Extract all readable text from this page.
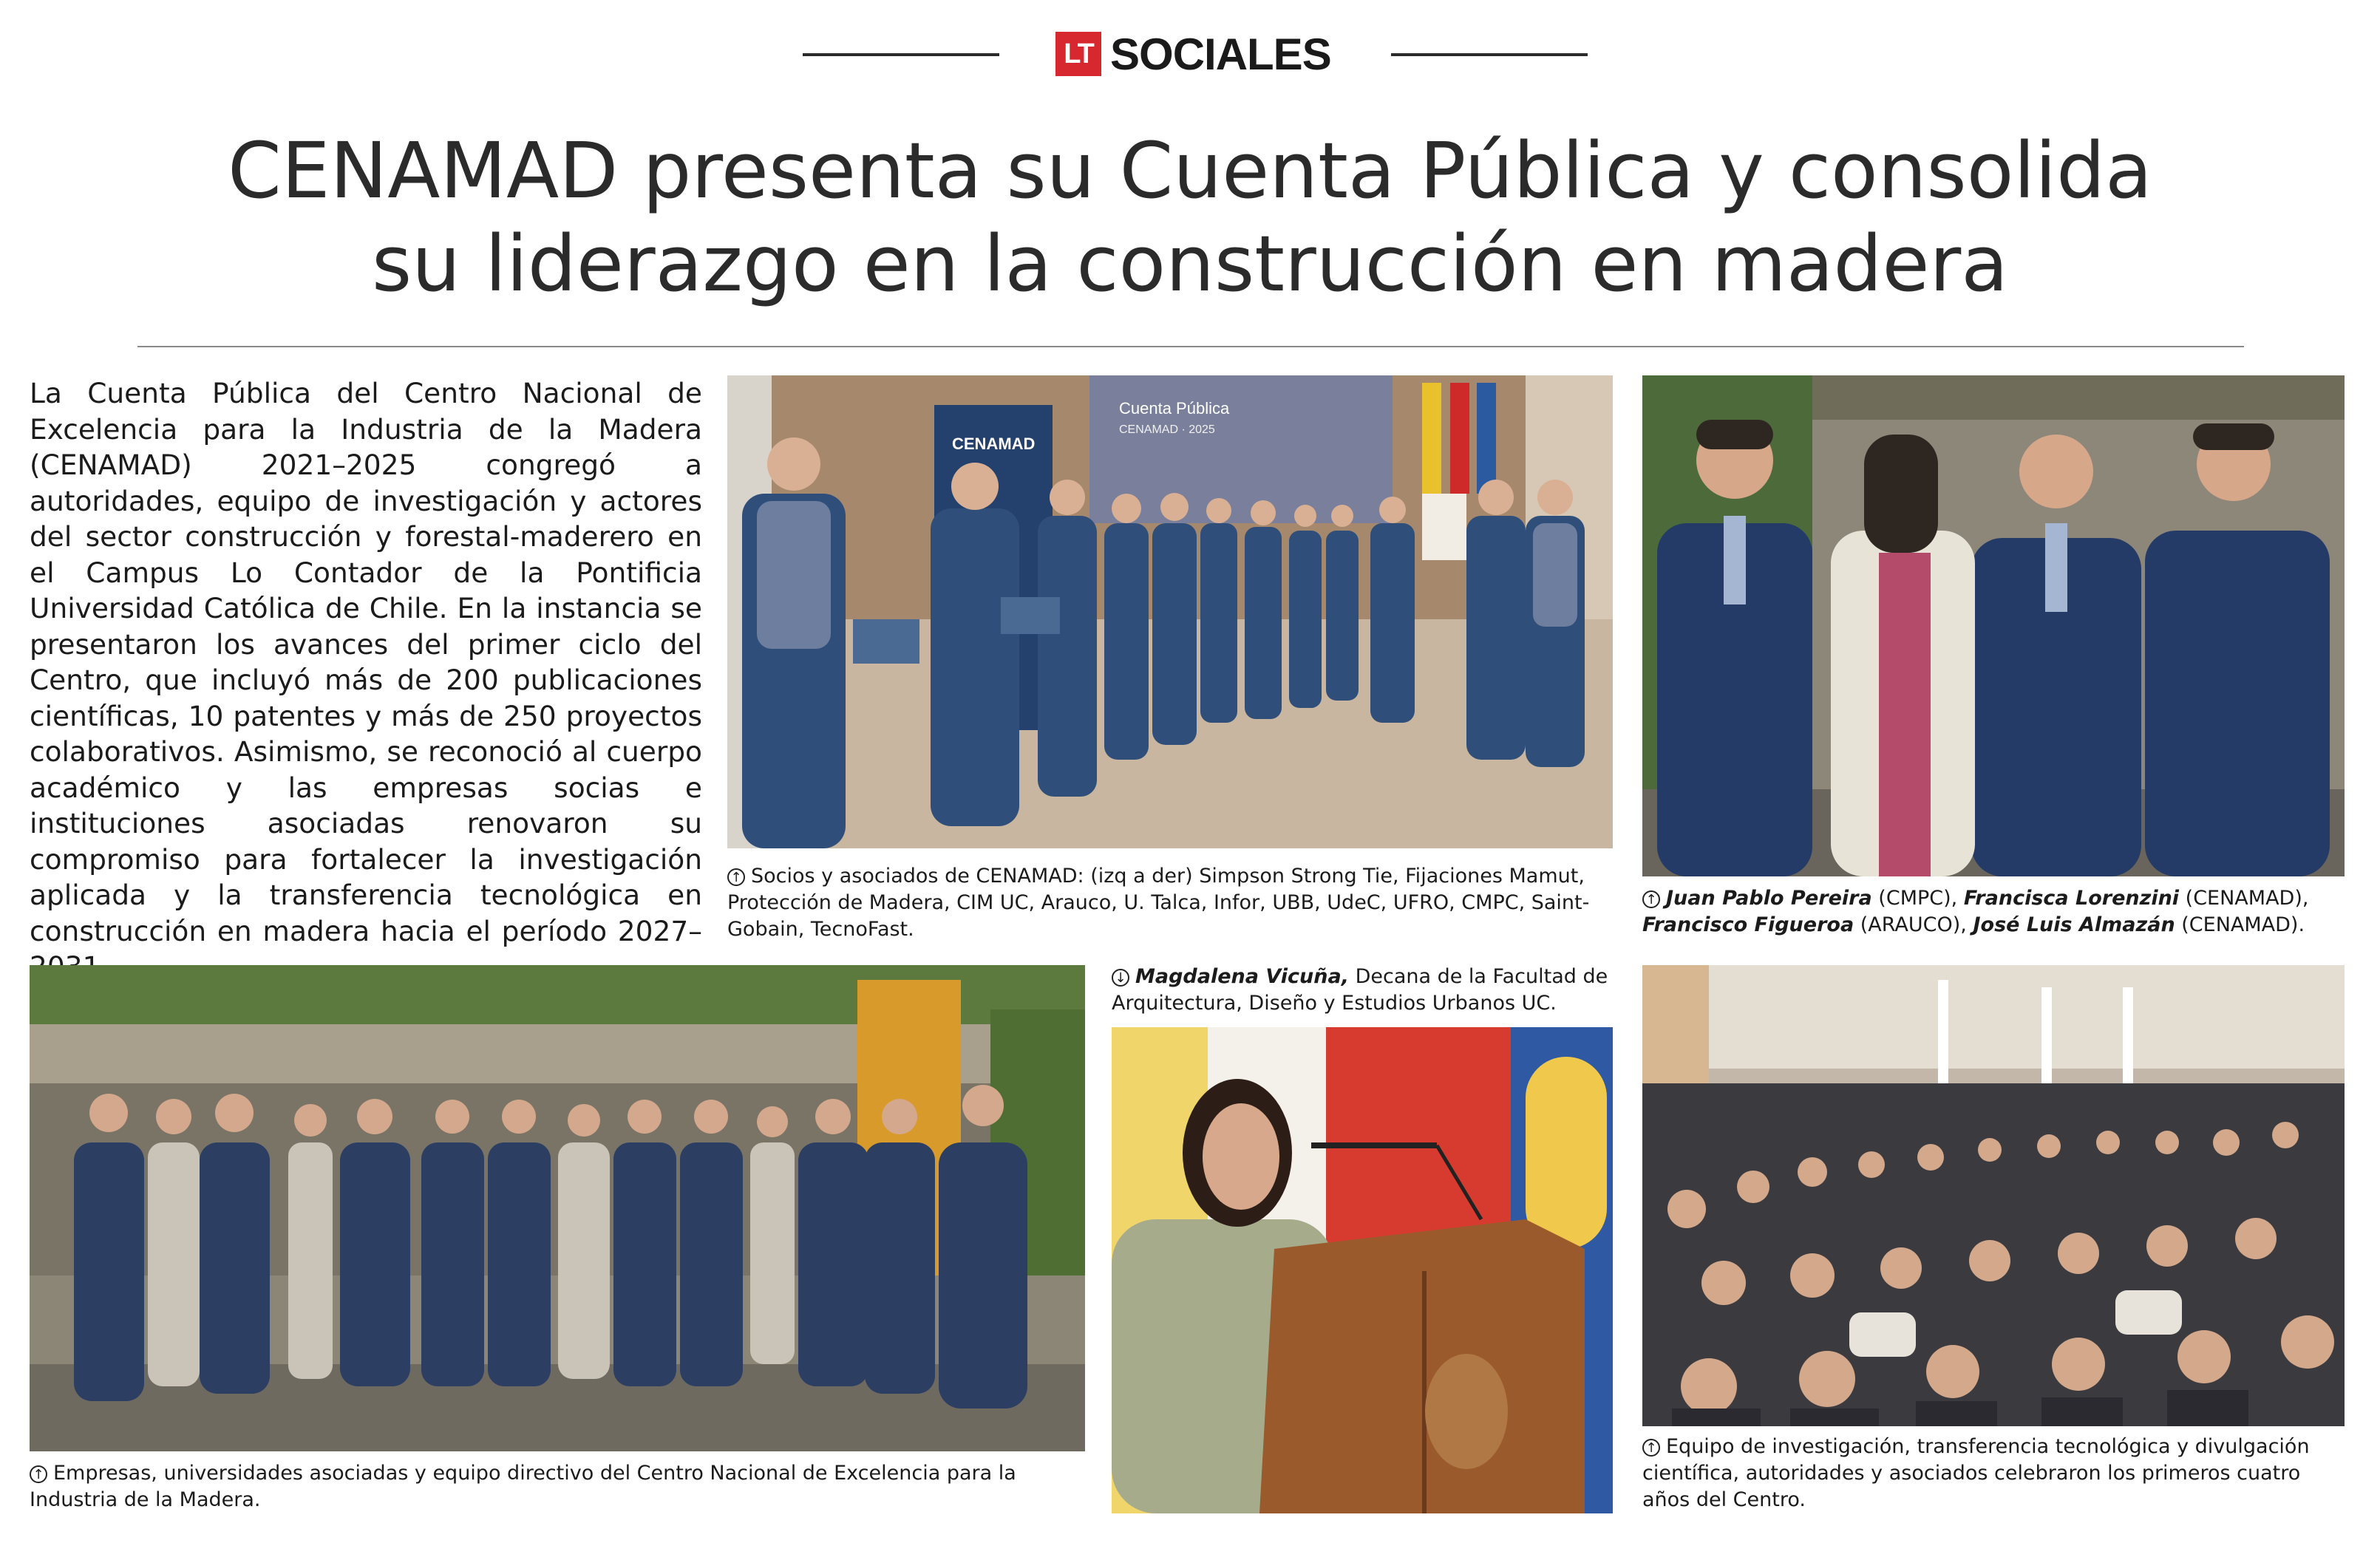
LT SOCIALES
CENAMAD presenta su Cuenta Pública y consolida
su liderazgo en la construcción en madera

La Cuenta Pública del Centro Nacional de Excelencia para la Industria de la Madera (CENAMAD) 2021–2025 congregó a autoridades, equipo de investigación y actores del sector construcción y forestal-maderero en el Campus Lo Contador de la Pontificia Universidad Católica de Chile. En la instancia se presentaron los avances del primer ciclo del Centro, que incluyó más de 200 publicaciones científicas, 10 patentes y más de 250 proyectos colaborativos. Asimismo, se reconoció al cuerpo académico y las empresas socias e instituciones asociadas renovaron su compromiso para fortalecer la investigación aplicada y la transferencia tecnológica en construcción en madera hacia el período 2027–

CENAMAD
Cuenta Pública
CENAMAD · 2025

↑ Socios y asociados de CENAMAD: (izq a der) Simpson Strong Tie, Fijaciones Mamut, Protección de Madera, CIM UC, Arauco, U. Talca, Infor, UBB, UdeC, UFRO, CMPC, Saint-Gobain, TecnoFast.

↑ Juan Pablo Pereira (CMPC), Francisca Lorenzini (CENAMAD),
Francisco Figueroa (ARAUCO), José Luis Almazán (CENAMAD).

↑ Empresas, universidades asociadas y equipo directivo del Centro Nacional de Excelencia para la Industria de la Madera.

↓ Magdalena Vicuña, Decana de la Facultad de Arquitectura, Diseño y Estudios Urbanos UC.

↑ Equipo de investigación, transferencia tecnológica y divulgación científica, autoridades y asociados celebraron los primeros cuatro años del Centro.
